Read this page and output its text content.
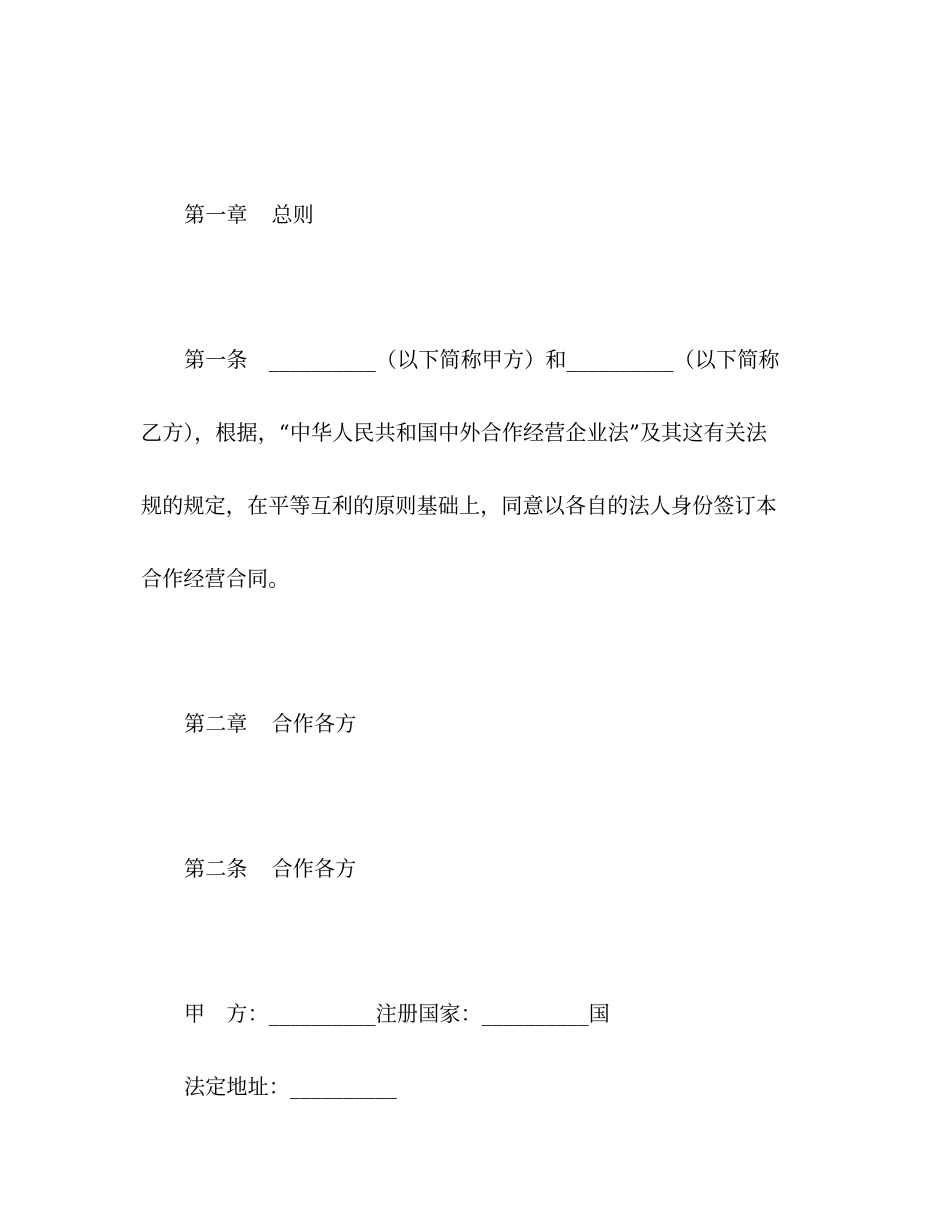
第一章 总则
第一条　__________（以下简称甲方）和__________（以下简称
乙方），根据，“中华人民共和国中外合作经营企业法”及其这有关法
规的规定，在平等互利的原则基础上，同意以各自的法人身份签订本
合作经营合同。
第二章 合作各方
第二条 合作各方
甲　方：__________注册国家：__________国
法定地址：__________
